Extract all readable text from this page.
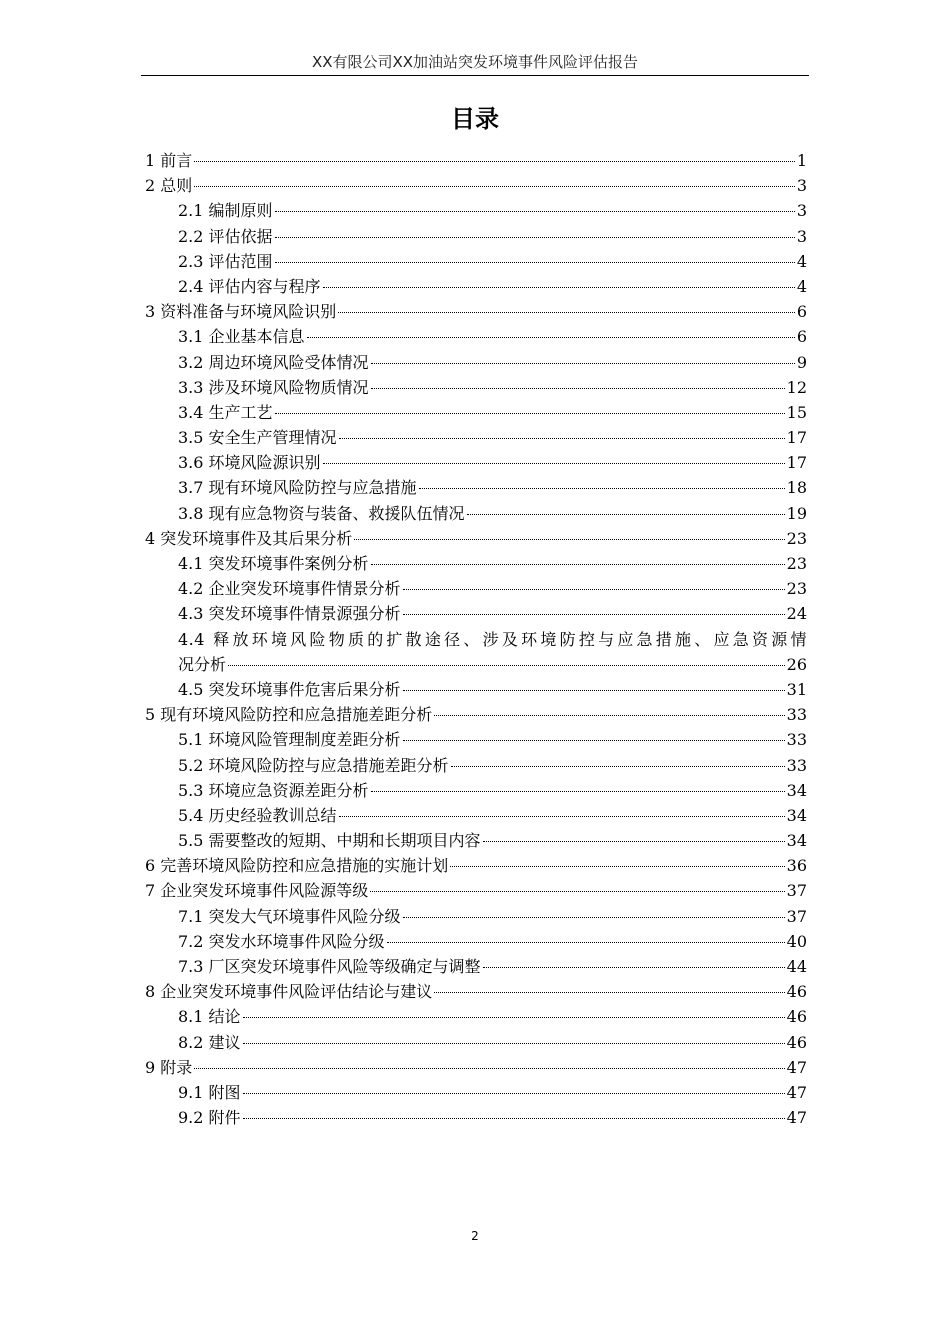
XX有限公司XX加油站突发环境事件风险评估报告
目录
1 前言	1
2 总则	3
2.1 编制原则	3
2.2 评估依据	3
2.3 评估范围	4
2.4 评估内容与程序	4
3 资料准备与环境风险识别	6
3.1 企业基本信息	6
3.2 周边环境风险受体情况	9
3.3 涉及环境风险物质情况	12
3.4 生产工艺	15
3.5 安全生产管理情况	17
3.6 环境风险源识别	17
3.7 现有环境风险防控与应急措施	18
3.8 现有应急物资与装备、救援队伍情况	19
4 突发环境事件及其后果分析	23
4.1 突发环境事件案例分析	23
4.2 企业突发环境事件情景分析	23
4.3 突发环境事件情景源强分析	24
4.4 释放环境风险物质的扩散途径、涉及环境防控与应急措施、应急资源情
况分析	26
4.5 突发环境事件危害后果分析	31
5 现有环境风险防控和应急措施差距分析	33
5.1 环境风险管理制度差距分析	33
5.2 环境风险防控与应急措施差距分析	33
5.3 环境应急资源差距分析	34
5.4 历史经验教训总结	34
5.5 需要整改的短期、中期和长期项目内容	34
6 完善环境风险防控和应急措施的实施计划	36
7 企业突发环境事件风险源等级	37
7.1 突发大气环境事件风险分级	37
7.2 突发水环境事件风险分级	40
7.3 厂区突发环境事件风险等级确定与调整	44
8 企业突发环境事件风险评估结论与建议	46
8.1 结论	46
8.2 建议	46
9 附录	47
9.1 附图	47
9.2 附件	47
2
